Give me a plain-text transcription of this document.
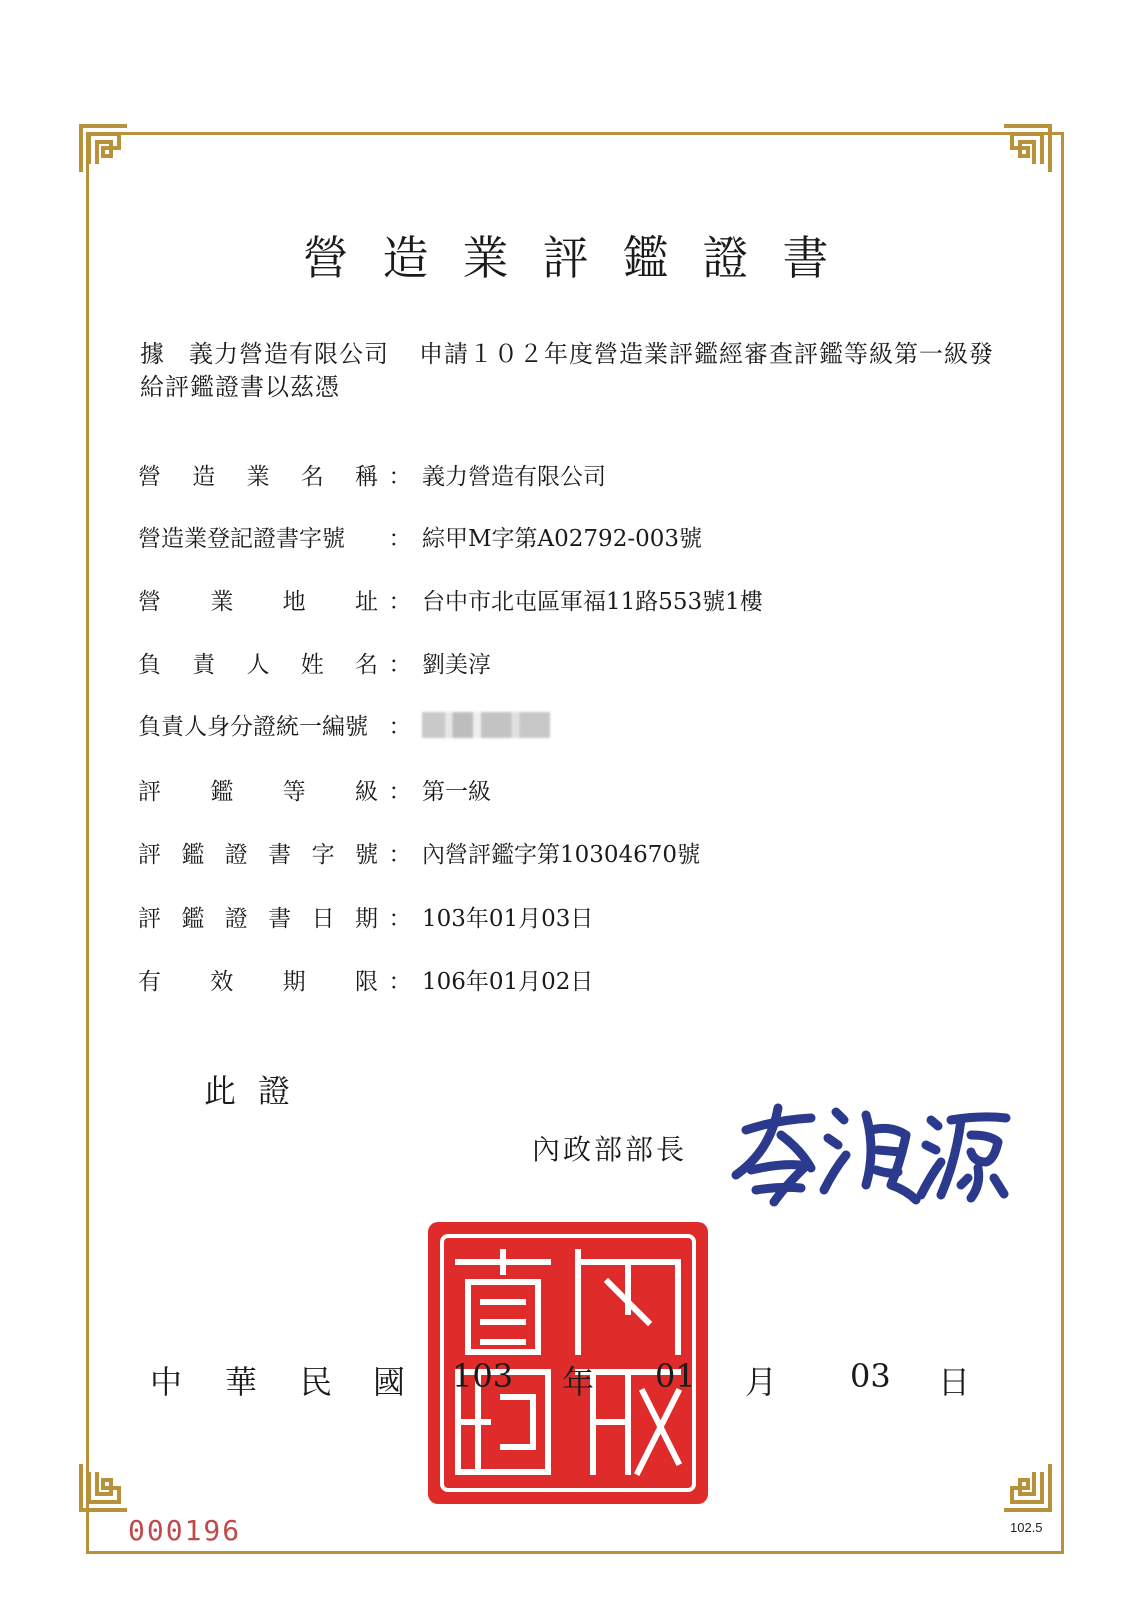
營造業評鑑證書
據 義力營造有限公司 申請１０２年度營造業評鑑經審查評鑑等級第一級發給評鑑證書以茲憑
營 造 業 名 稱 ： 義力營造有限公司
營造業登記證書字號	： 綜甲M字第A02792-003號
營 業 地 址 ： 台中市北屯區軍福11路553號1樓
負 責 人 姓 名 ： 劉美淳
負責人身分證統一編號 ：
評 鑑 等 級 ： 第一級
評 鑑 證 書 字 號 ： 內營評鑑字第10304670號
評 鑑 證 書 日 期 ： 103年01月03日
有 效 期 限 ： 106年01月02日
此證
內政部部長
中 華 民 國 103 年 01 月 03 日
000196	102.5
